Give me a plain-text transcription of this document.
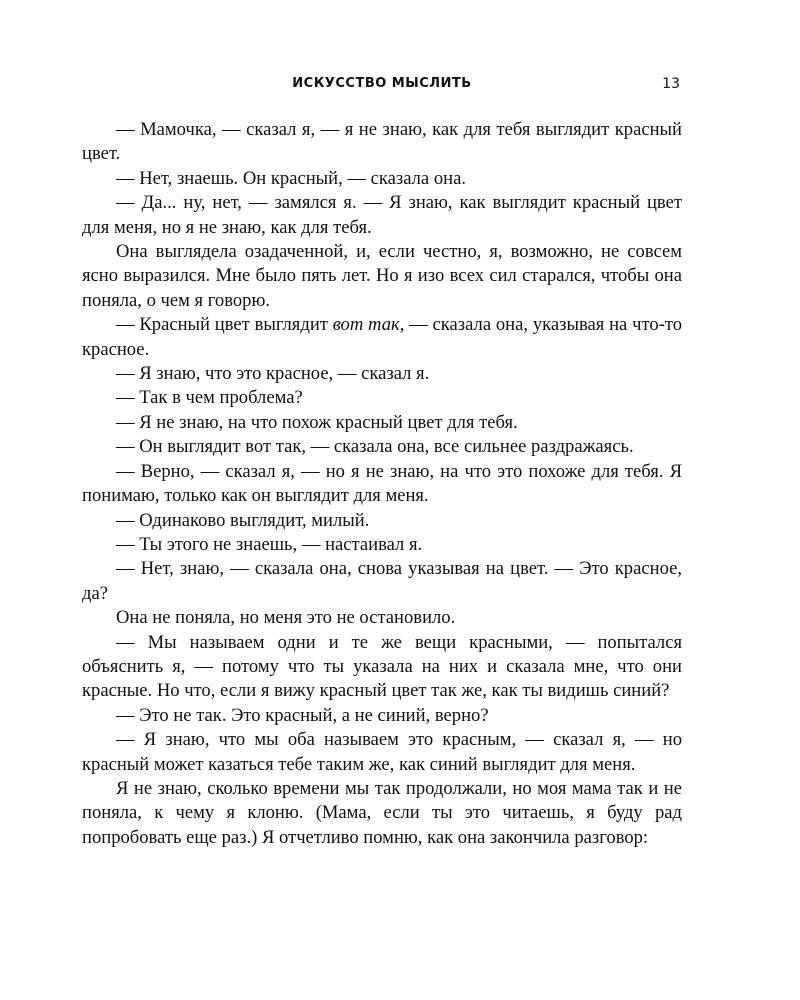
ИСКУССТВО МЫСЛИТЬ	13

— Мамочка, — сказал я, — я не знаю, как для тебя выглядит красный цвет.

— Нет, знаешь. Он красный, — сказала она.

— Да... ну, нет, — замялся я. — Я знаю, как выглядит красный цвет для меня, но я не знаю, как для тебя.

Она выглядела озадаченной, и, если честно, я, возможно, не совсем ясно выразился. Мне было пять лет. Но я изо всех сил старался, чтобы она поняла, о чем я говорю.

— Красный цвет выглядит вот так, — сказала она, указывая на что-то красное.

— Я знаю, что это красное, — сказал я.

— Так в чем проблема?

— Я не знаю, на что похож красный цвет для тебя.

— Он выглядит вот так, — сказала она, все сильнее раздражаясь.

— Верно, — сказал я, — но я не знаю, на что это похоже для тебя. Я понимаю, только как он выглядит для меня.

— Одинаково выглядит, милый.

— Ты этого не знаешь, — настаивал я.

— Нет, знаю, — сказала она, снова указывая на цвет. — Это красное, да?

Она не поняла, но меня это не остановило.

— Мы называем одни и те же вещи красными, — попытался объяснить я, — потому что ты указала на них и сказала мне, что они красные. Но что, если я вижу красный цвет так же, как ты видишь синий?

— Это не так. Это красный, а не синий, верно?

— Я знаю, что мы оба называем это красным, — сказал я, — но красный может казаться тебе таким же, как синий выглядит для меня.

Я не знаю, сколько времени мы так продолжали, но моя мама так и не поняла, к чему я клоню. (Мама, если ты это читаешь, я буду рад попробовать еще раз.) Я отчетливо помню, как она закончила разговор:
